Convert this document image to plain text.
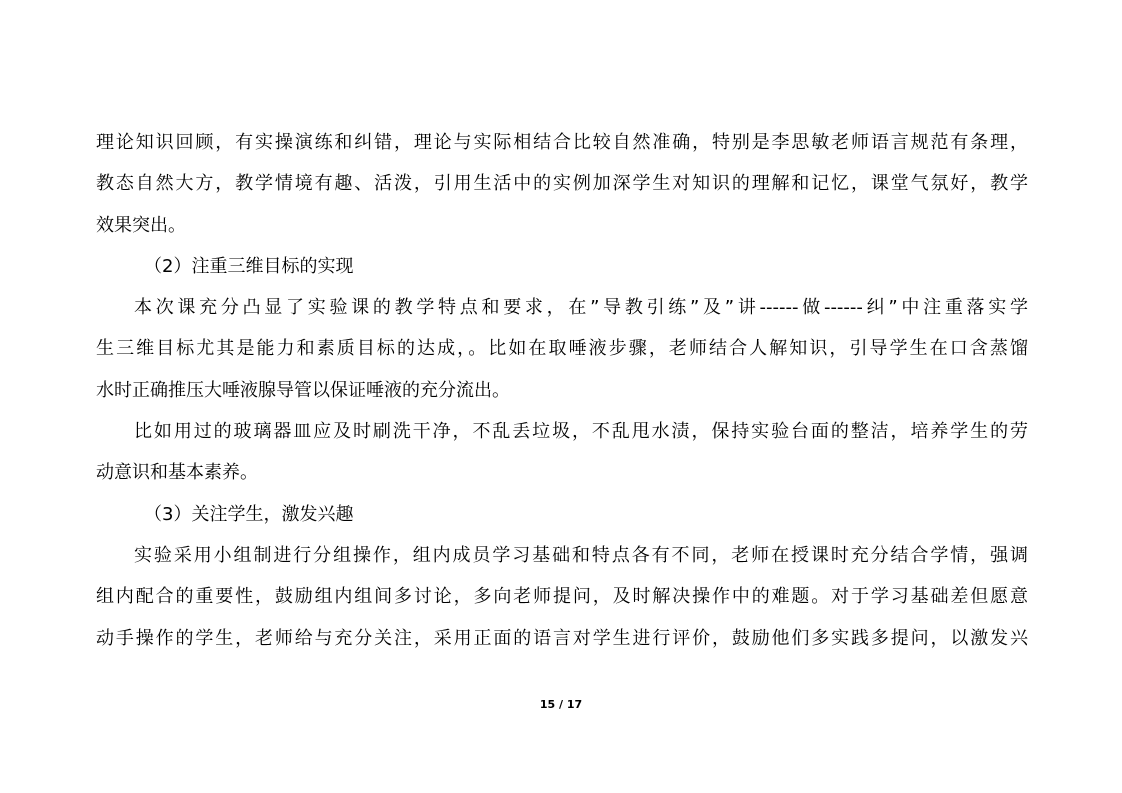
理论知识回顾，有实操演练和纠错，理论与实际相结合比较自然准确，特别是李思敏老师语言规范有条理，
教态自然大方，教学情境有趣、活泼，引用生活中的实例加深学生对知识的理解和记忆，课堂气氛好，教学
效果突出。
（2）注重三维目标的实现
本次课充分凸显了实验课的教学特点和要求，在”导教引练”及”讲------做------纠”中注重落实学
生三维目标尤其是能力和素质目标的达成，。比如在取唾液步骤，老师结合人解知识，引导学生在口含蒸馏
水时正确推压大唾液腺导管以保证唾液的充分流出。
比如用过的玻璃器皿应及时刷洗干净，不乱丢垃圾，不乱甩水渍，保持实验台面的整洁，培养学生的劳
动意识和基本素养。
（3）关注学生，激发兴趣
实验采用小组制进行分组操作，组内成员学习基础和特点各有不同，老师在授课时充分结合学情，强调
组内配合的重要性，鼓励组内组间多讨论，多向老师提问，及时解决操作中的难题。对于学习基础差但愿意
动手操作的学生，老师给与充分关注，采用正面的语言对学生进行评价，鼓励他们多实践多提问，以激发兴
15 / 17
